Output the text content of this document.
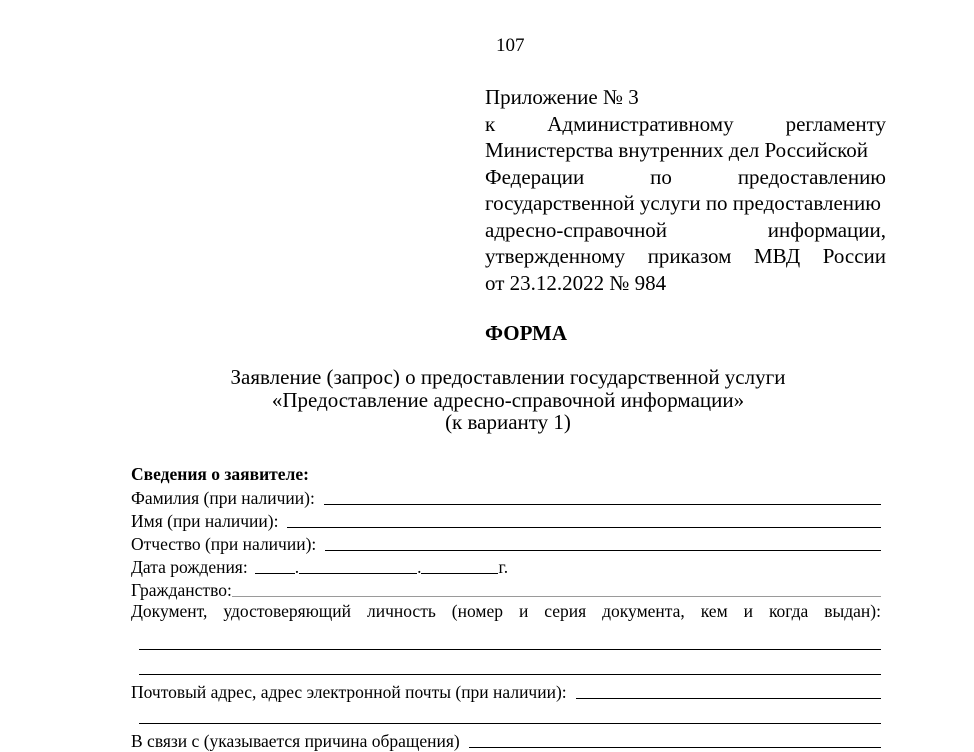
107
Приложение № 3
к Административному регламенту
Министерства внутренних дел Российской
Федерации по предоставлению
государственной услуги по предоставлению
адресно-справочной информации,
утвержденному приказом МВД России
от 23.12.2022 № 984
ФОРМА
Заявление (запрос) о предоставлении государственной услуги
«Предоставление адресно-справочной информации»
(к варианту 1)
Сведения о заявителе:
Фамилия (при наличии):
Имя (при наличии):
Отчество (при наличии):
Дата рождения:	.	.	г.
Гражданство:
Документ, удостоверяющий личность (номер и серия документа, кем и когда выдан):
Почтовый адрес, адрес электронной почты (при наличии):
В связи с (указывается причина обращения)
